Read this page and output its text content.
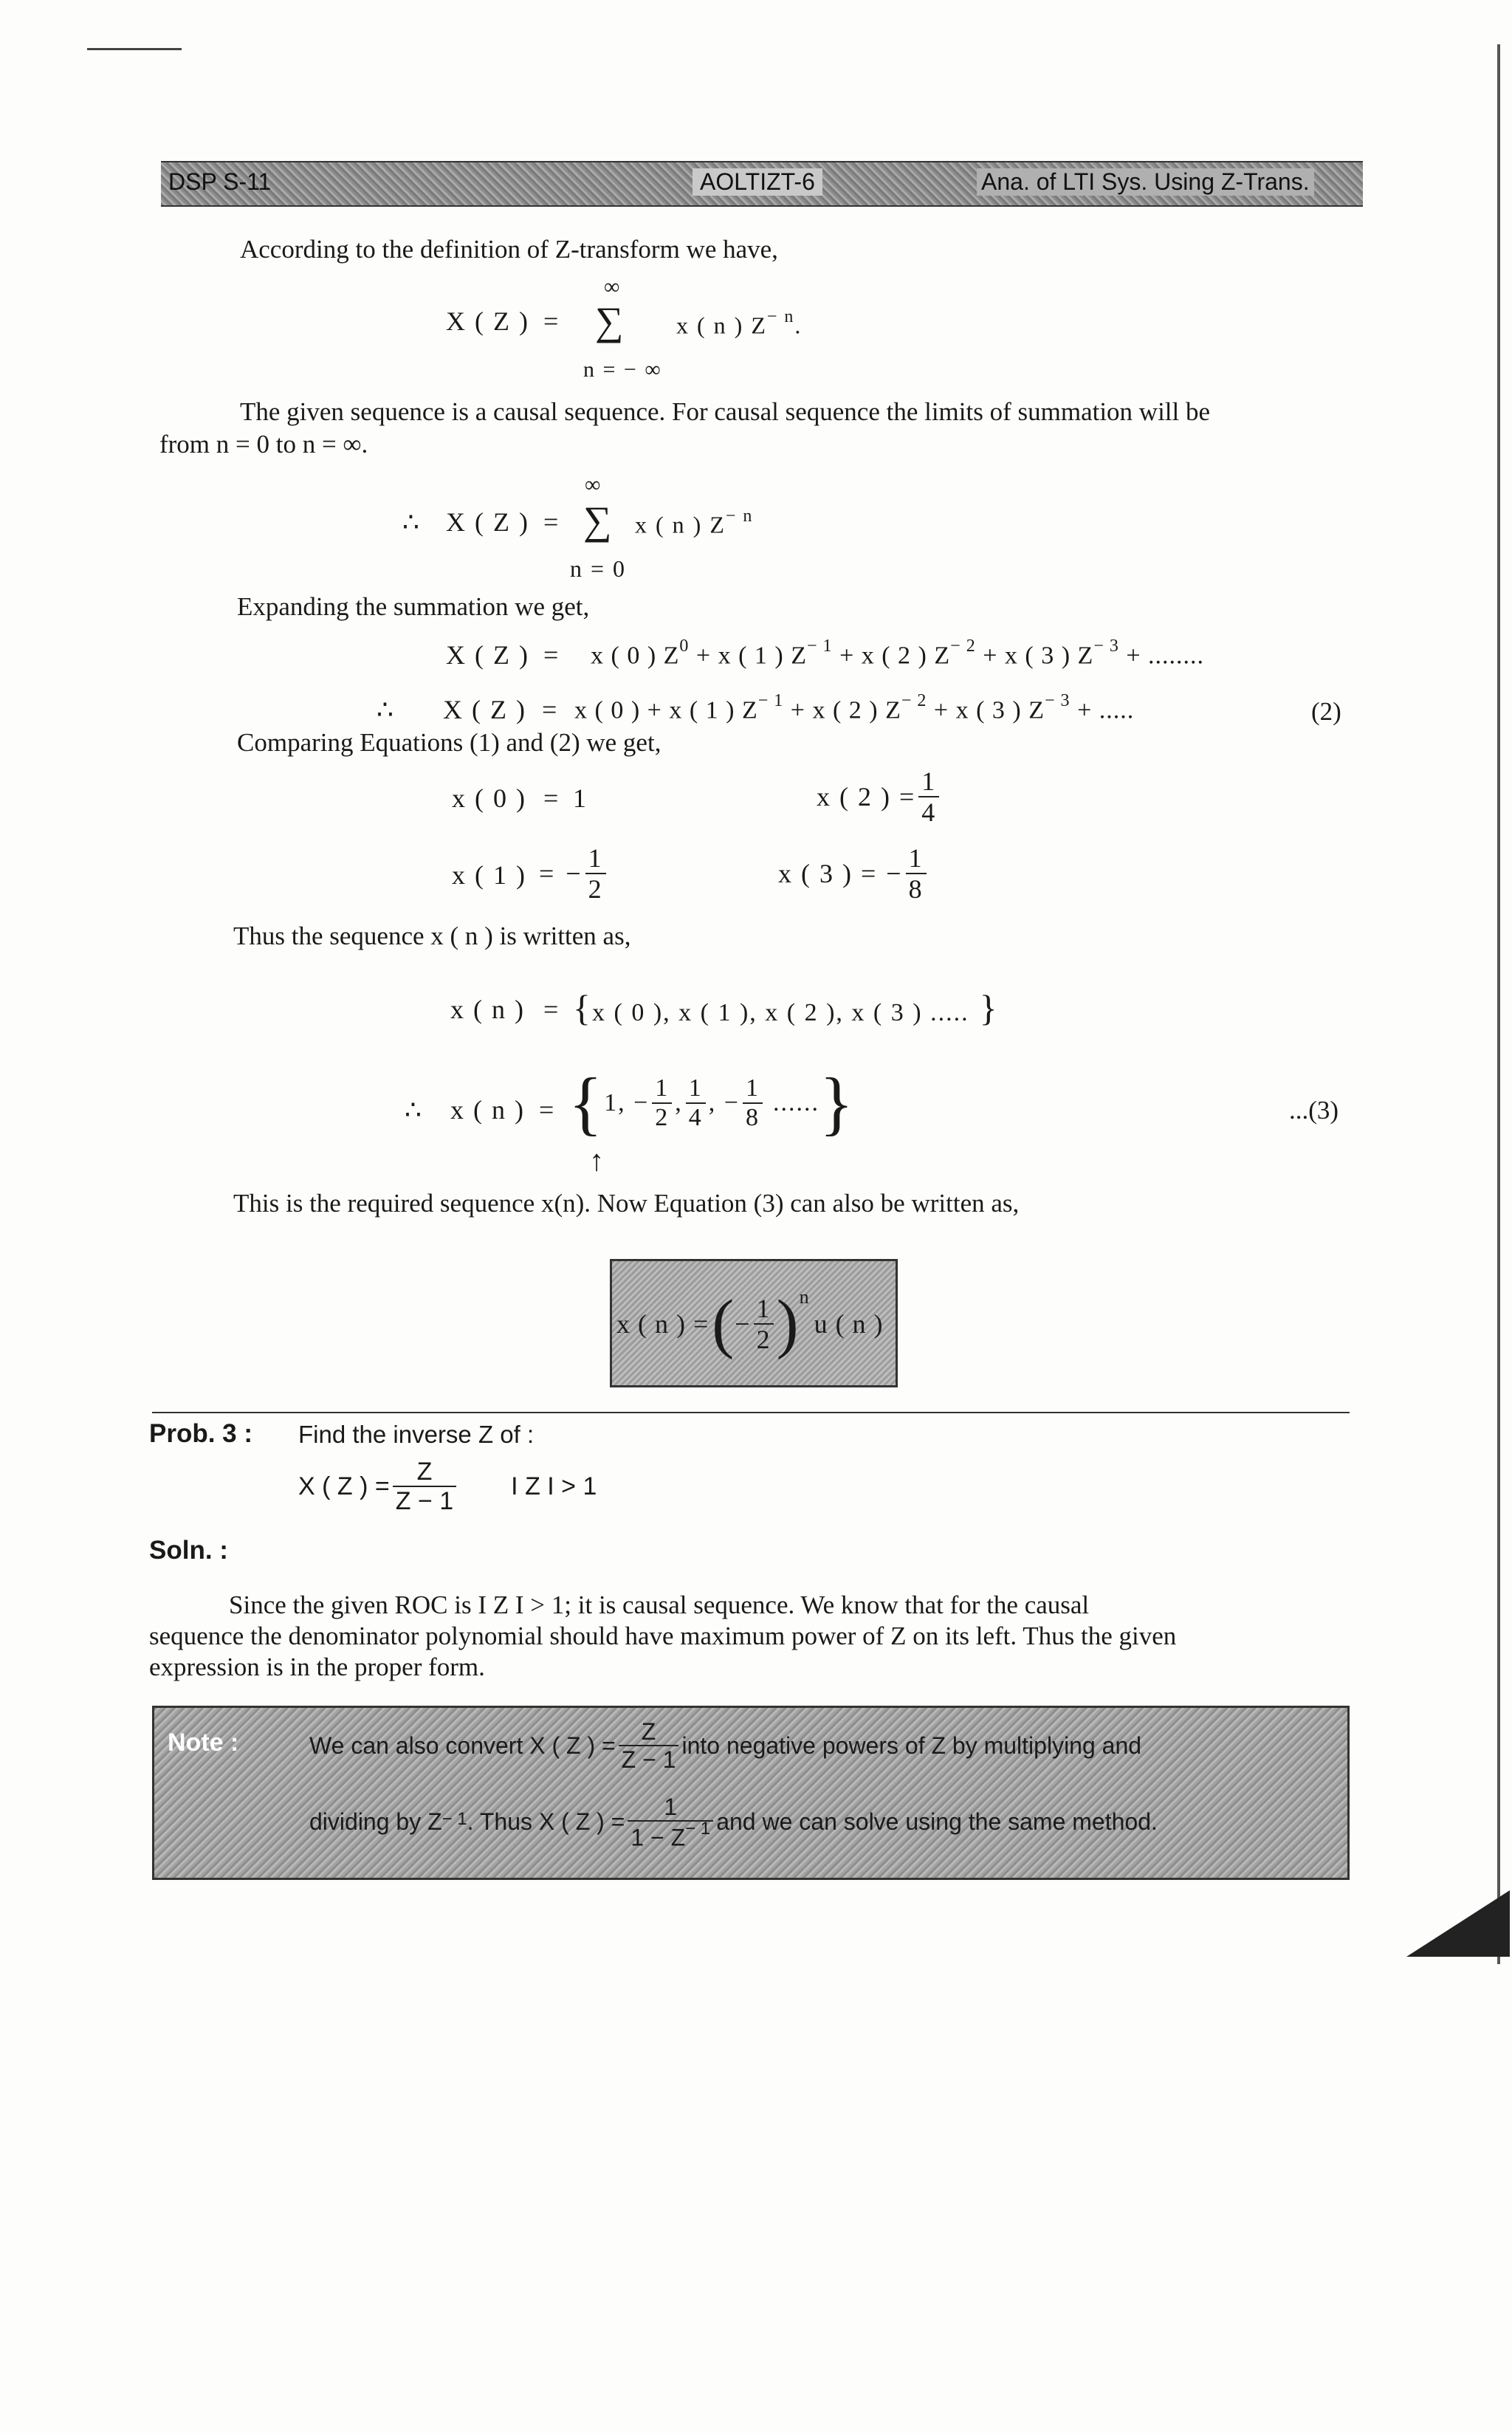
DSP S-11	AOLTIZT-6	Ana. of LTI Sys. Using Z-Trans.
According to the definition of Z-transform we have,
X ( Z ) =
∞
∑
n = − ∞
x ( n ) $Z^{- n}$.
The given sequence is a causal sequence. For causal sequence the limits of summation will be
from n = 0 to n = ∞.
∴ X ( Z ) =
∞
∑
n = 0
x ( n ) $Z^{- n}$
Expanding the summation we get,
X ( Z ) = x ( 0 ) $Z^0 + x$ ( 1 ) $Z^{- 1} + x$ ( 2 ) $Z^{- 2} + x$ ( 3 ) $Z^{- 3}$ + ........
∴ X ( Z ) = x ( 0 ) + x ( 1 ) $Z^{- 1} + x$ ( 2 ) $Z^{- 2} + x$ ( 3 ) $Z^{- 3}$ + .....	(2)
Comparing Equations (1) and (2) we get,
x ( 0 ) = 1	x ( 2 ) = $\frac{1}{4}$
x ( 1 ) = − $\frac{1}{2}$	x ( 3 ) = − $\frac{1}{8}$
Thus the sequence x ( n ) is written as,
x ( n ) = {x ( 0 ), x ( 1 ), x ( 2 ), x ( 3 ) ..... }
∴ x ( n ) = { 1, − $\frac{1}{2}$ , $\frac{1}{4}$ , − $\frac{1}{8}$ ...... }
↑
...(3)
This is the required sequence x(n). Now Equation (3) can also be written as,
x ( n ) = ( − $\frac{1}{2} )^n$
u ( n )
Prob. 3 : Find the inverse Z of :
X ( Z ) = $\frac{Z}{Z - 1}$ I Z I > 1
Soln. :
Since the given ROC is I Z I > 1; it is causal sequence. We know that for the causal
sequence the denominator polynomial should have maximum power of Z on its left. Thus the given
expression is in the proper form.
Note :	We can also convert X ( Z ) = $\frac{Z}{Z - 1}$ into negative powers of Z by multiplying and
dividing by $Z^{- 1}$ . Thus X ( Z ) = $\frac{1}{1 - Z^{- 1}}$ and we can solve using the same method.
